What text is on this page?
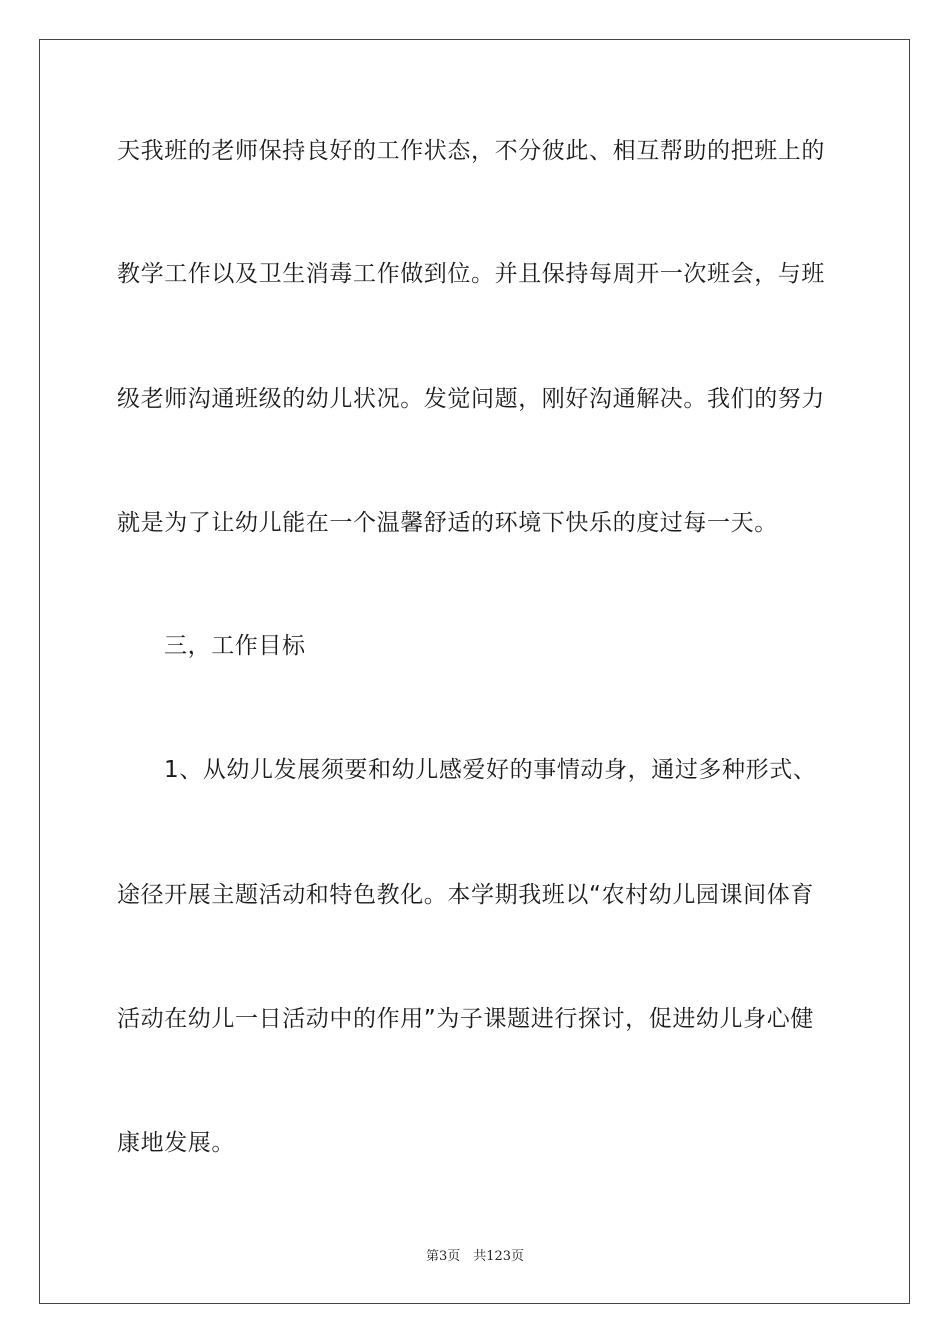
天我班的老师保持良好的工作状态，不分彼此、相互帮助的把班上的
教学工作以及卫生消毒工作做到位。并且保持每周开一次班会，与班
级老师沟通班级的幼儿状况。发觉问题，刚好沟通解决。我们的努力
就是为了让幼儿能在一个温馨舒适的环境下快乐的度过每一天。
三，工作目标
1、从幼儿发展须要和幼儿感爱好的事情动身，通过多种形式、
途径开展主题活动和特色教化。本学期我班以“农村幼儿园课间体育
活动在幼儿一日活动中的作用”为子课题进行探讨，促进幼儿身心健
康地发展。
第3页　共123页
